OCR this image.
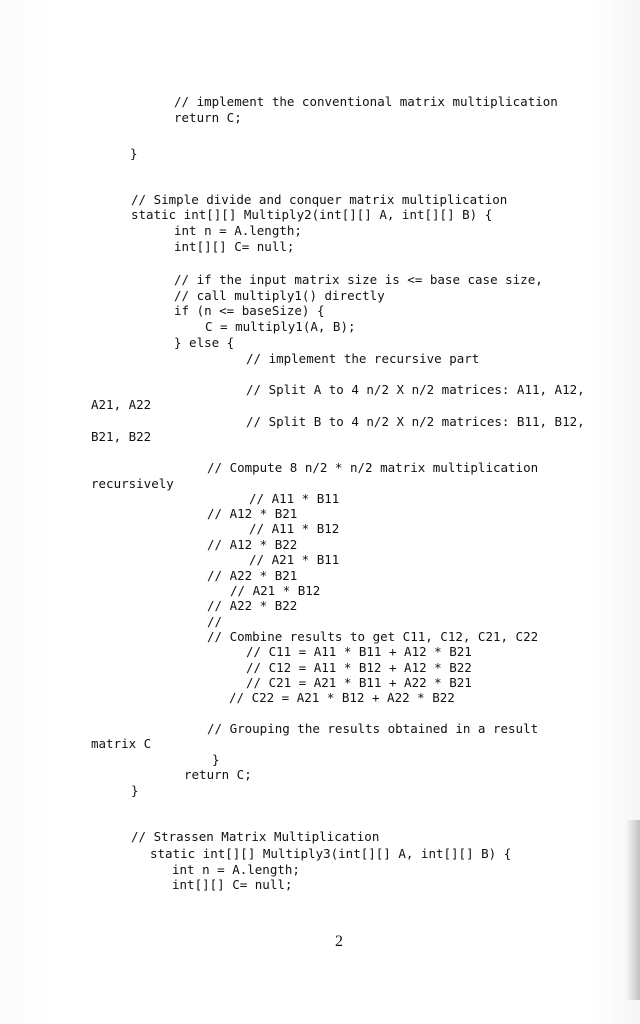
// implement the conventional matrix multiplication
return C;
}
// Simple divide and conquer matrix multiplication
static int[][] Multiply2(int[][] A, int[][] B) {
int n = A.length;
int[][] C= null;
// if the input matrix size is <= base case size,
// call multiply1() directly
if (n <= baseSize) {
C = multiply1(A, B);
} else {
// implement the recursive part
// Split A to 4 n/2 X n/2 matrices: A11, A12,
A21, A22
// Split B to 4 n/2 X n/2 matrices: B11, B12,
B21, B22
// Compute 8 n/2 * n/2 matrix multiplication
recursively
// A11 * B11
// A12 * B21
// A11 * B12
// A12 * B22
// A21 * B11
// A22 * B21
// A21 * B12
// A22 * B22
//
// Combine results to get C11, C12, C21, C22
// C11 = A11 * B11 + A12 * B21
// C12 = A11 * B12 + A12 * B22
// C21 = A21 * B11 + A22 * B21
// C22 = A21 * B12 + A22 * B22
// Grouping the results obtained in a result
matrix C
}
return C;
}
// Strassen Matrix Multiplication
static int[][] Multiply3(int[][] A, int[][] B) {
int n = A.length;
int[][] C= null;

2
